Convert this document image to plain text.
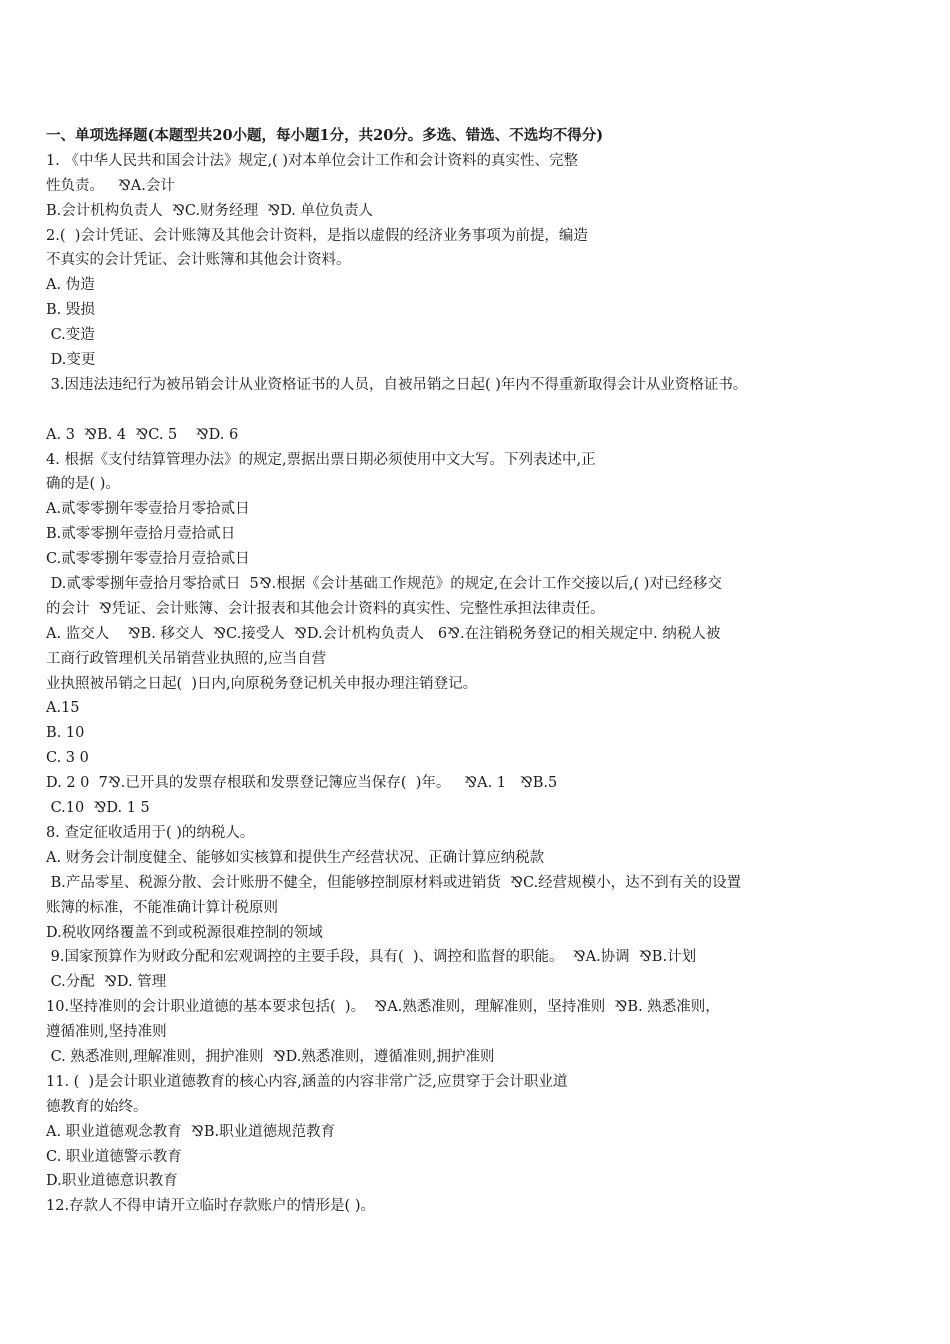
一、单项选择题(本题型共20小题，每小题1分，共20分。多选、错选、不选均不得分)
1. 《中华人民共和国会计法》规定,( )对本单位会计工作和会计资料的真实性、完整
性负责。   ⅋A.会计
B.会计机构负责人  ⅋C.财务经理  ⅋D. 单位负责人
2.(  )会计凭证、会计账簿及其他会计资料，是指以虚假的经济业务事项为前提，编造
不真实的会计凭证、会计账簿和其他会计资料。
A. 伪造
B. 毁损
C.变造
D.变更
3.因违法违纪行为被吊销会计从业资格证书的人员，自被吊销之日起( )年内不得重新取得会计从业资格证书。
A. 3  ⅋B. 4  ⅋C. 5    ⅋D. 6
4. 根据《支付结算管理办法》的规定,票据出票日期必须使用中文大写。下列表述中,正
确的是( )。
A.贰零零捌年零壹拾月零拾贰日
B.贰零零捌年壹拾月壹拾贰日
C.贰零零捌年零壹拾月壹拾贰日
D.贰零零捌年壹拾月零拾贰日  5⅋.根据《会计基础工作规范》的规定,在会计工作交接以后,( )对已经移交
的会计  ⅋凭证、会计账簿、会计报表和其他会计资料的真实性、完整性承担法律责任。
A. 监交人    ⅋B. 移交人  ⅋C.接受人  ⅋D.会计机构负责人   6⅋.在注销税务登记的相关规定中. 纳税人被
工商行政管理机关吊销营业执照的,应当自营
业执照被吊销之日起(  )日内,向原税务登记机关申报办理注销登记。
A.15
B. 10
C. 3 0
D. 2 0  7⅋.已开具的发票存根联和发票登记簿应当保存(  )年。   ⅋A. 1   ⅋B.5
C.10  ⅋D. 1 5
8. 查定征收适用于( )的纳税人。
A. 财务会计制度健全、能够如实核算和提供生产经营状况、正确计算应纳税款
B.产品零星、税源分散、会计账册不健全，但能够控制原材料或进销货  ⅋C.经营规模小，达不到有关的设置
账簿的标准，不能准确计算计税原则
D.税收网络覆盖不到或税源很难控制的领域
9.国家预算作为财政分配和宏观调控的主要手段，具有(  )、调控和监督的职能。  ⅋A.协调  ⅋B.计划
C.分配  ⅋D. 管理
10.坚持准则的会计职业道德的基本要求包括(  )。  ⅋A.熟悉准则，理解准则，坚持准则  ⅋B. 熟悉准则，
遵循准则,坚持准则
C. 熟悉准则,理解准则，拥护准则  ⅋D.熟悉准则，遵循准则,拥护准则
11. (  )是会计职业道德教育的核心内容,涵盖的内容非常广泛,应贯穿于会计职业道
德教育的始终。
A. 职业道德观念教育  ⅋B.职业道德规范教育
C. 职业道德警示教育
D.职业道德意识教育
12.存款人不得申请开立临时存款账户的情形是( )。
